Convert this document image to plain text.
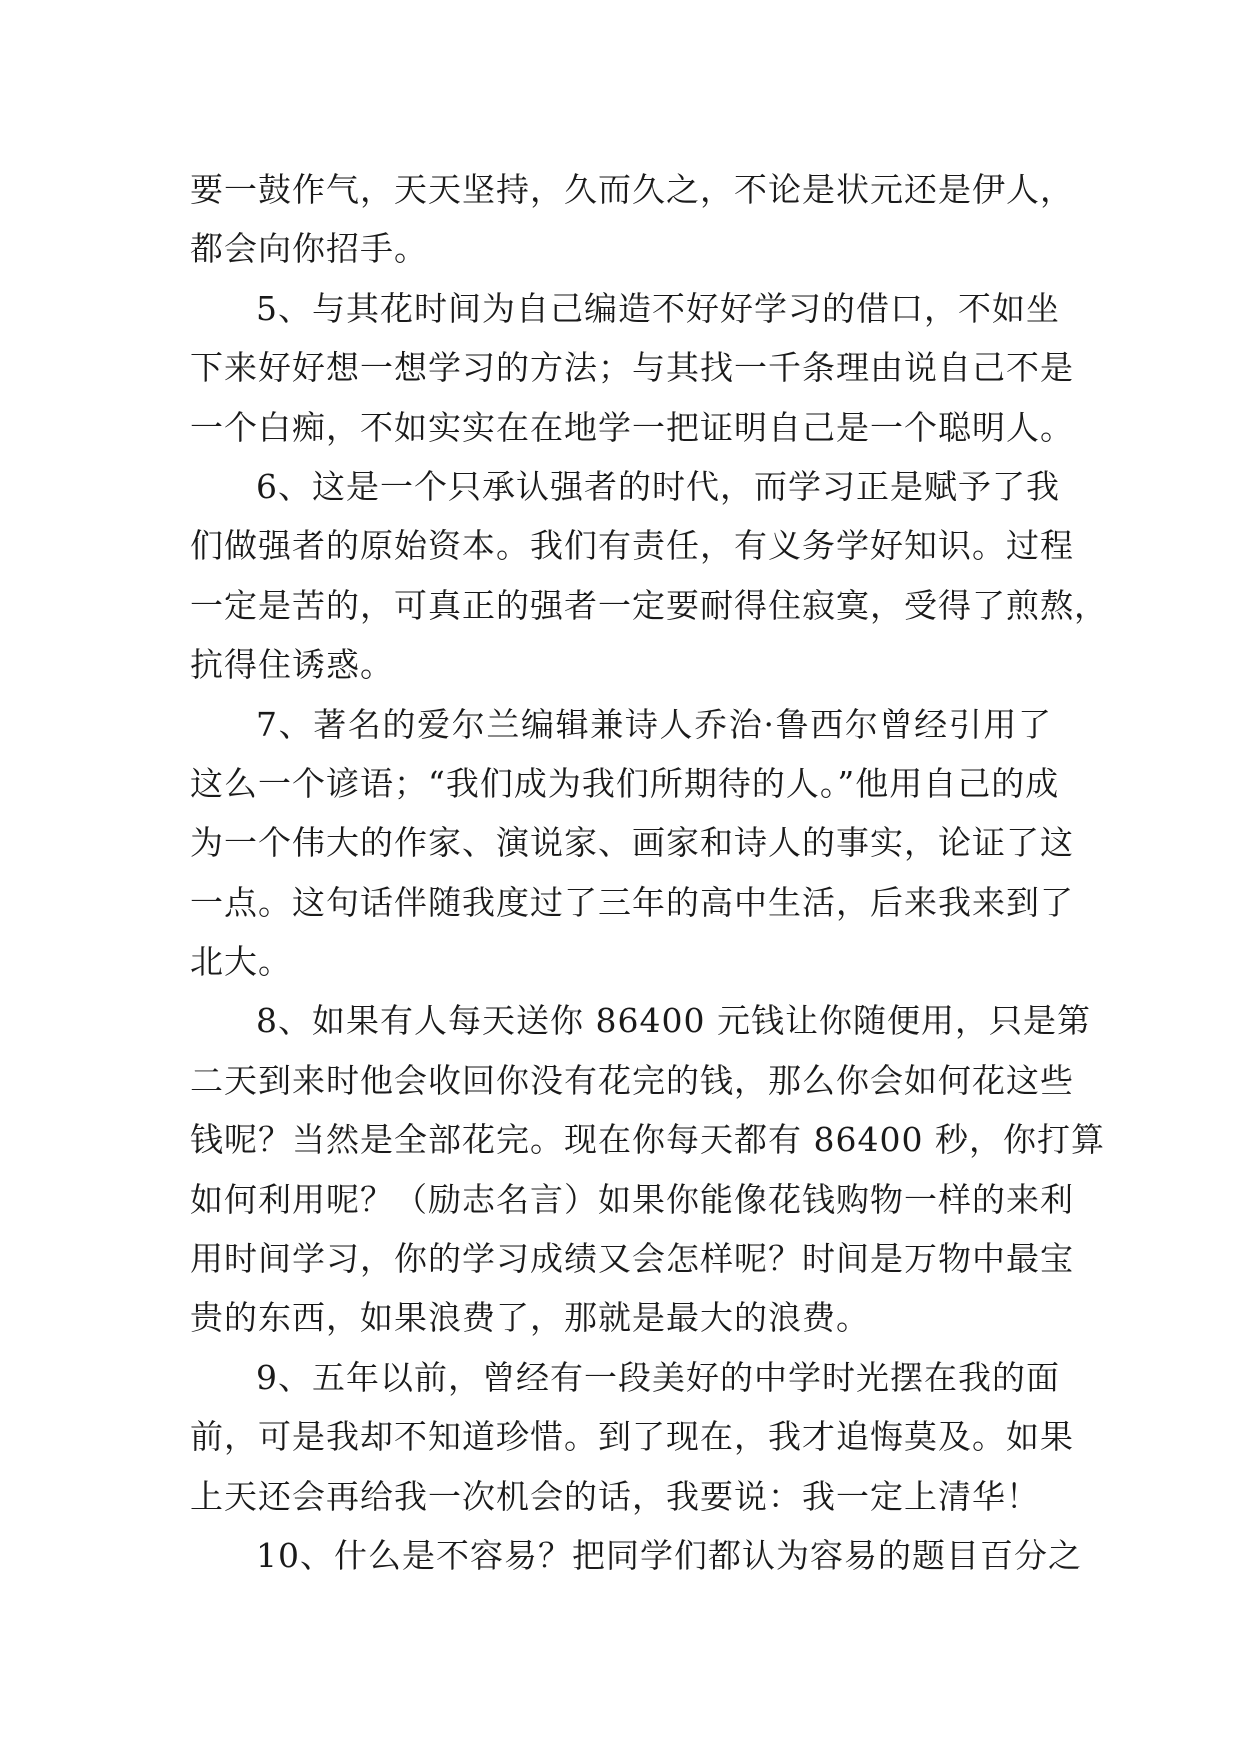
要一鼓作气，天天坚持，久而久之，不论是状元还是伊人，
都会向你招手。
5、与其花时间为自己编造不好好学习的借口，不如坐
下来好好想一想学习的方法；与其找一千条理由说自己不是
一个白痴，不如实实在在地学一把证明自己是一个聪明人。
6、这是一个只承认强者的时代，而学习正是赋予了我
们做强者的原始资本。我们有责任，有义务学好知识。过程
一定是苦的，可真正的强者一定要耐得住寂寞，受得了煎熬，
抗得住诱惑。
7、著名的爱尔兰编辑兼诗人乔治·鲁西尔曾经引用了
这么一个谚语；“我们成为我们所期待的人。”他用自己的成
为一个伟大的作家、演说家、画家和诗人的事实，论证了这
一点。这句话伴随我度过了三年的高中生活，后来我来到了
北大。
8、如果有人每天送你 86400 元钱让你随便用，只是第
二天到来时他会收回你没有花完的钱，那么你会如何花这些
钱呢？当然是全部花完。现在你每天都有 86400 秒，你打算
如何利用呢？（励志名言）如果你能像花钱购物一样的来利
用时间学习，你的学习成绩又会怎样呢？时间是万物中最宝
贵的东西，如果浪费了，那就是最大的浪费。
9、五年以前，曾经有一段美好的中学时光摆在我的面
前，可是我却不知道珍惜。到了现在，我才追悔莫及。如果
上天还会再给我一次机会的话，我要说：我一定上清华！
10、什么是不容易？把同学们都认为容易的题目百分之
